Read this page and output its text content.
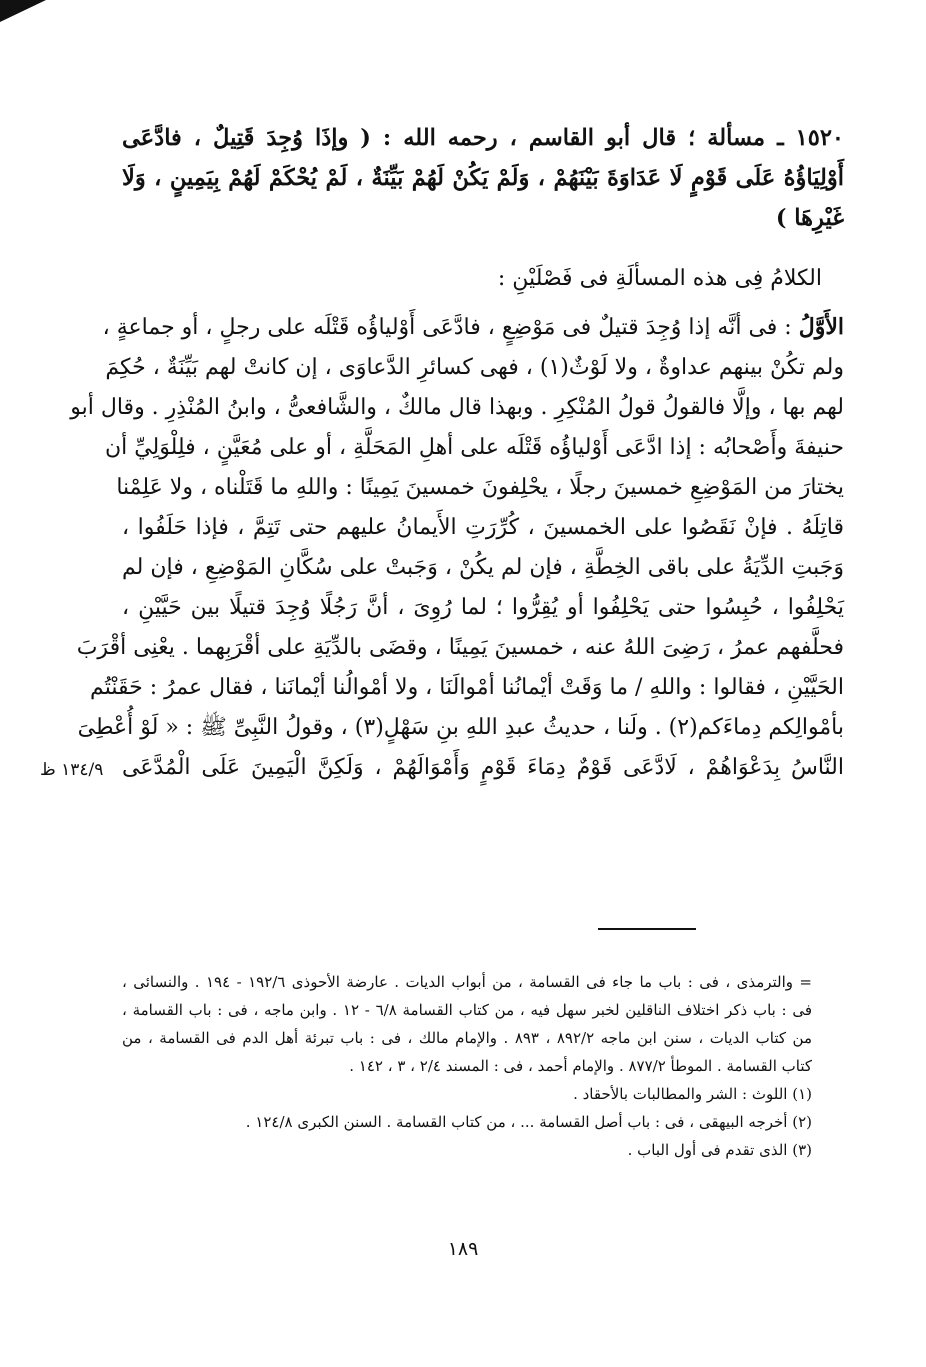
١٥٢٠ ـ مسألة ؛ قال أبو القاسم ، رحمه الله : ( وإذَا وُجِدَ قَتِيلٌ ، فادَّعَى
أَوْلِيَاؤُهُ عَلَى قَوْمٍ لَا عَدَاوَةَ بَيْنَهُمْ ، وَلَمْ يَكُنْ لَهُمْ بَيِّنَةٌ ، لَمْ يُحْكَمْ لَهُمْ بِيَمِينٍ ، وَلَا
غَيْرِهَا )
الكلامُ فِى هذه المسألَةِ فى فَصْلَيْنِ :
الأَوَّلُ : فى أنَّه إذا وُجِدَ قتيلٌ فى مَوْضِعٍ ، فادَّعَى أَوْلياؤُه قَتْلَه على رجلٍ ، أو جماعةٍ ،
ولم تكُنْ بينهم عداوةٌ ، ولا لَوْثٌ(١) ، فهى كسائرِ الدَّعاوَى ، إن كانتْ لهم بَيِّنَةٌ ، حُكِمَ
لهم بها ، وإلَّا فالقولُ قولُ المُنْكِرِ . وبهذا قال مالكٌ ، والشَّافعىُّ ، وابنُ المُنْذِرِ . وقال أبو
حنيفةَ وأَصْحابُه : إذا ادَّعَى أَوْلياؤُه قَتْلَه على أهلِ المَحَلَّةِ ، أو على مُعَيَّنٍ ، فلِلْوَلِيِّ أن
يختارَ من المَوْضِعِ خمسينَ رجلًا ، يحْلِفونَ خمسينَ يَمِينًا : واللهِ ما قَتَلْناه ، ولا عَلِمْنا
قاتِلَهُ . فإنْ نَقَصُوا على الخمسينَ ، كُرِّرَتِ الأَيمانُ عليهم حتى تَتِمَّ ، فإذا حَلَفُوا ،
وَجَبتِ الدِّيَةُ على باقى الخِطَّةِ ، فإن لم يكُنْ ، وَجَبتْ على سُكَّانِ المَوْضِعِ ، فإن لم
يَحْلِفُوا ، حُبِسُوا حتى يَحْلِفُوا أو يُقِرُّوا ؛ لما رُوِىَ ، أنَّ رَجُلًا وُجِدَ قتيلًا بين حَيَّيْنِ ،
فحلَّفهم عمرُ ، رَضِىَ اللهُ عنه ، خمسينَ يَمِينًا ، وقضَى بالدِّيَةِ على أقْرَبِهما . يعْنِى أقْرَبَ
الحَيَّيْنِ ، فقالوا : واللهِ / ما وَقَتْ أيْمانُنا أمْوالَنَا ، ولا أمْوالُنا أيْمانَنا ، فقال عمرُ : حَقَنْتُم
بأمْوالِكم دِماءَكم(٢) . ولَنا ، حديثُ عبدِ اللهِ بنِ سَهْلٍ(٣) ، وقولُ النَّبِىِّ ﷺ : « لَوْ أُعْطِىَ
النَّاسُ بِدَعْوَاهُمْ ، لَادَّعَى قَوْمٌ دِمَاءَ قَوْمٍ وَأَمْوَالَهُمْ ، وَلَكِنَّ الْيَمِينَ عَلَى الْمُدَّعَى
١٣٤/٩ ظ
= والترمذى ، فى : باب ما جاء فى القسامة ، من أبواب الديات . عارضة الأحوذى ١٩٢/٦ - ١٩٤ . والنسائى ،
فى : باب ذكر اختلاف الناقلين لخبر سهل فيه ، من كتاب القسامة ٦/٨ - ١٢ . وابن ماجه ، فى : باب القسامة ،
من كتاب الديات ، سنن ابن ماجه ٨٩٢/٢ ، ٨٩٣ . والإمام مالك ، فى : باب تبرئة أهل الدم فى القسامة ، من
كتاب القسامة . الموطأ ٨٧٧/٢ . والإمام أحمد ، فى : المسند ٢/٤ ، ٣ ، ١٤٢ .
(١) اللوث : الشر والمطالبات بالأحقاد .
(٢) أخرجه البيهقى ، فى : باب أصل القسامة ... ، من كتاب القسامة . السنن الكبرى ١٢٤/٨ .
(٣) الذى تقدم فى أول الباب .
١٨٩
